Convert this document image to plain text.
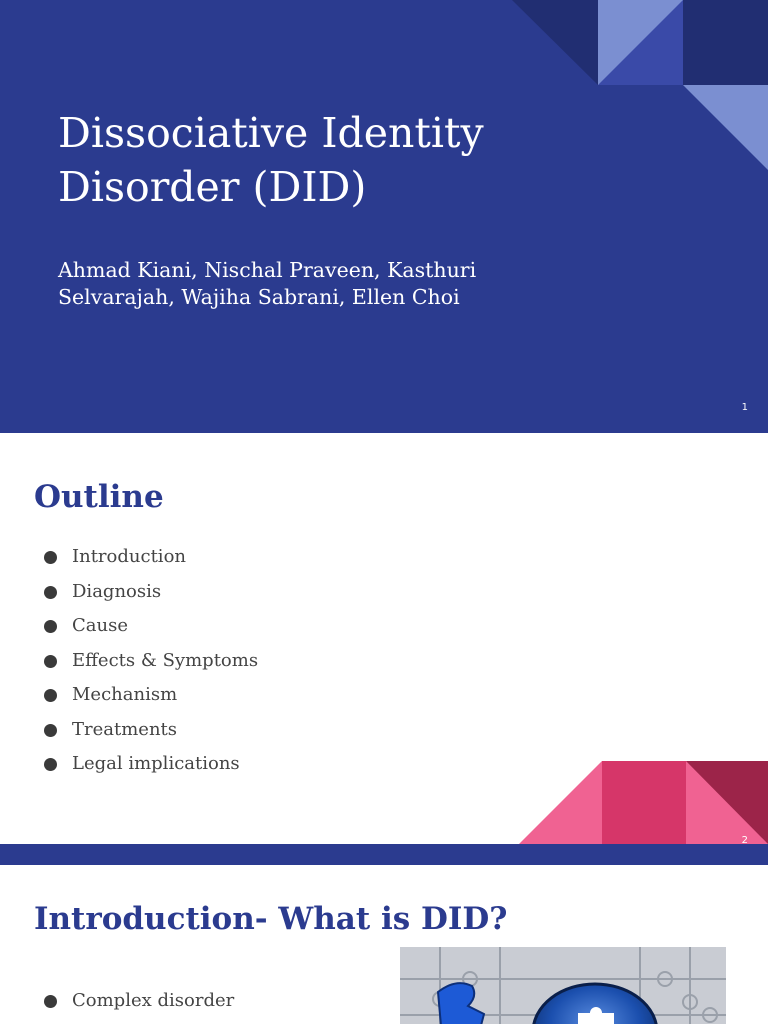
Dissociative Identity Disorder (DID)

Ahmad Kiani, Nischal Praveen, Kasthuri Selvarajah, Wajiha Sabrani, Ellen Choi

1
Outline
Introduction
Diagnosis
Cause
Effects & Symptoms
Mechanism
Treatments
Legal implications
2
Introduction- What is DID?
Complex disorder
